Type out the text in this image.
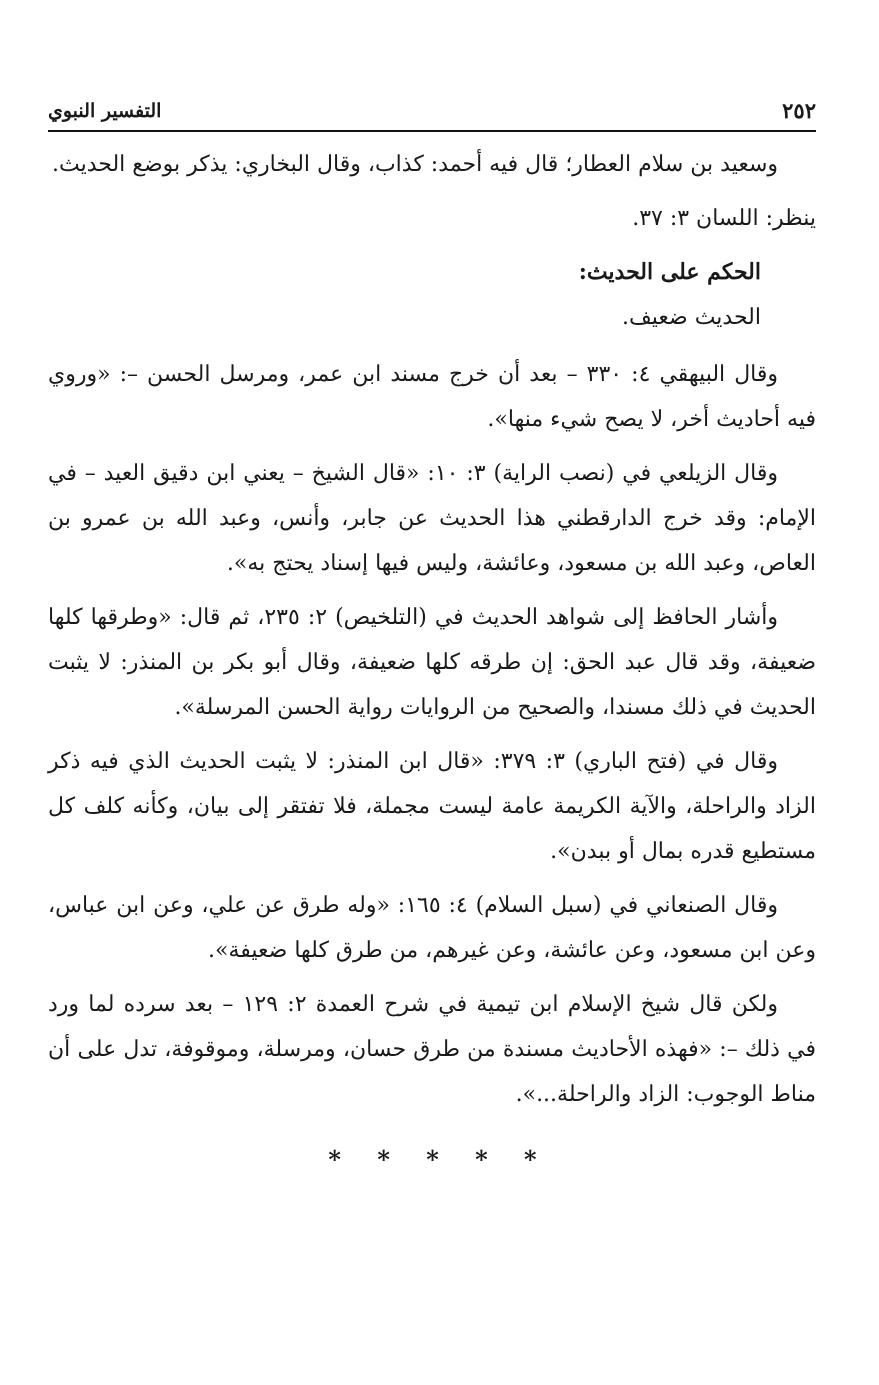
٢٥٢
التفسير النبوي

وسعيد بن سلام العطار؛ قال فيه أحمد: كذاب، وقال البخاري: يذكر بوضع الحديث.

ينظر: اللسان ٣: ٣٧.

الحكم على الحديث:

الحديث ضعيف.

وقال البيهقي ٤: ٣٣٠ – بعد أن خرج مسند ابن عمر، ومرسل الحسن –: «وروي فيه أحاديث أخر، لا يصح شيء منها».

وقال الزيلعي في (نصب الراية) ٣: ١٠: «قال الشيخ – يعني ابن دقيق العيد – في الإمام: وقد خرج الدارقطني هذا الحديث عن جابر، وأنس، وعبد الله بن عمرو بن العاص، وعبد الله بن مسعود، وعائشة، وليس فيها إسناد يحتج به».

وأشار الحافظ إلى شواهد الحديث في (التلخيص) ٢: ٢٣٥، ثم قال: «وطرقها كلها ضعيفة، وقد قال عبد الحق: إن طرقه كلها ضعيفة، وقال أبو بكر بن المنذر: لا يثبت الحديث في ذلك مسندا، والصحيح من الروايات رواية الحسن المرسلة».

وقال في (فتح الباري) ٣: ٣٧٩: «قال ابن المنذر: لا يثبت الحديث الذي فيه ذكر الزاد والراحلة، والآية الكريمة عامة ليست مجملة، فلا تفتقر إلى بيان، وكأنه كلف كل مستطيع قدره بمال أو ببدن».

وقال الصنعاني في (سبل السلام) ٤: ١٦٥: «وله طرق عن علي، وعن ابن عباس، وعن ابن مسعود، وعن عائشة، وعن غيرهم، من طرق كلها ضعيفة».

ولكن قال شيخ الإسلام ابن تيمية في شرح العمدة ٢: ١٢٩ – بعد سرده لما ورد في ذلك –: «فهذه الأحاديث مسندة من طرق حسان، ومرسلة، وموقوفة، تدل على أن مناط الوجوب: الزاد والراحلة...».

* * * * *
